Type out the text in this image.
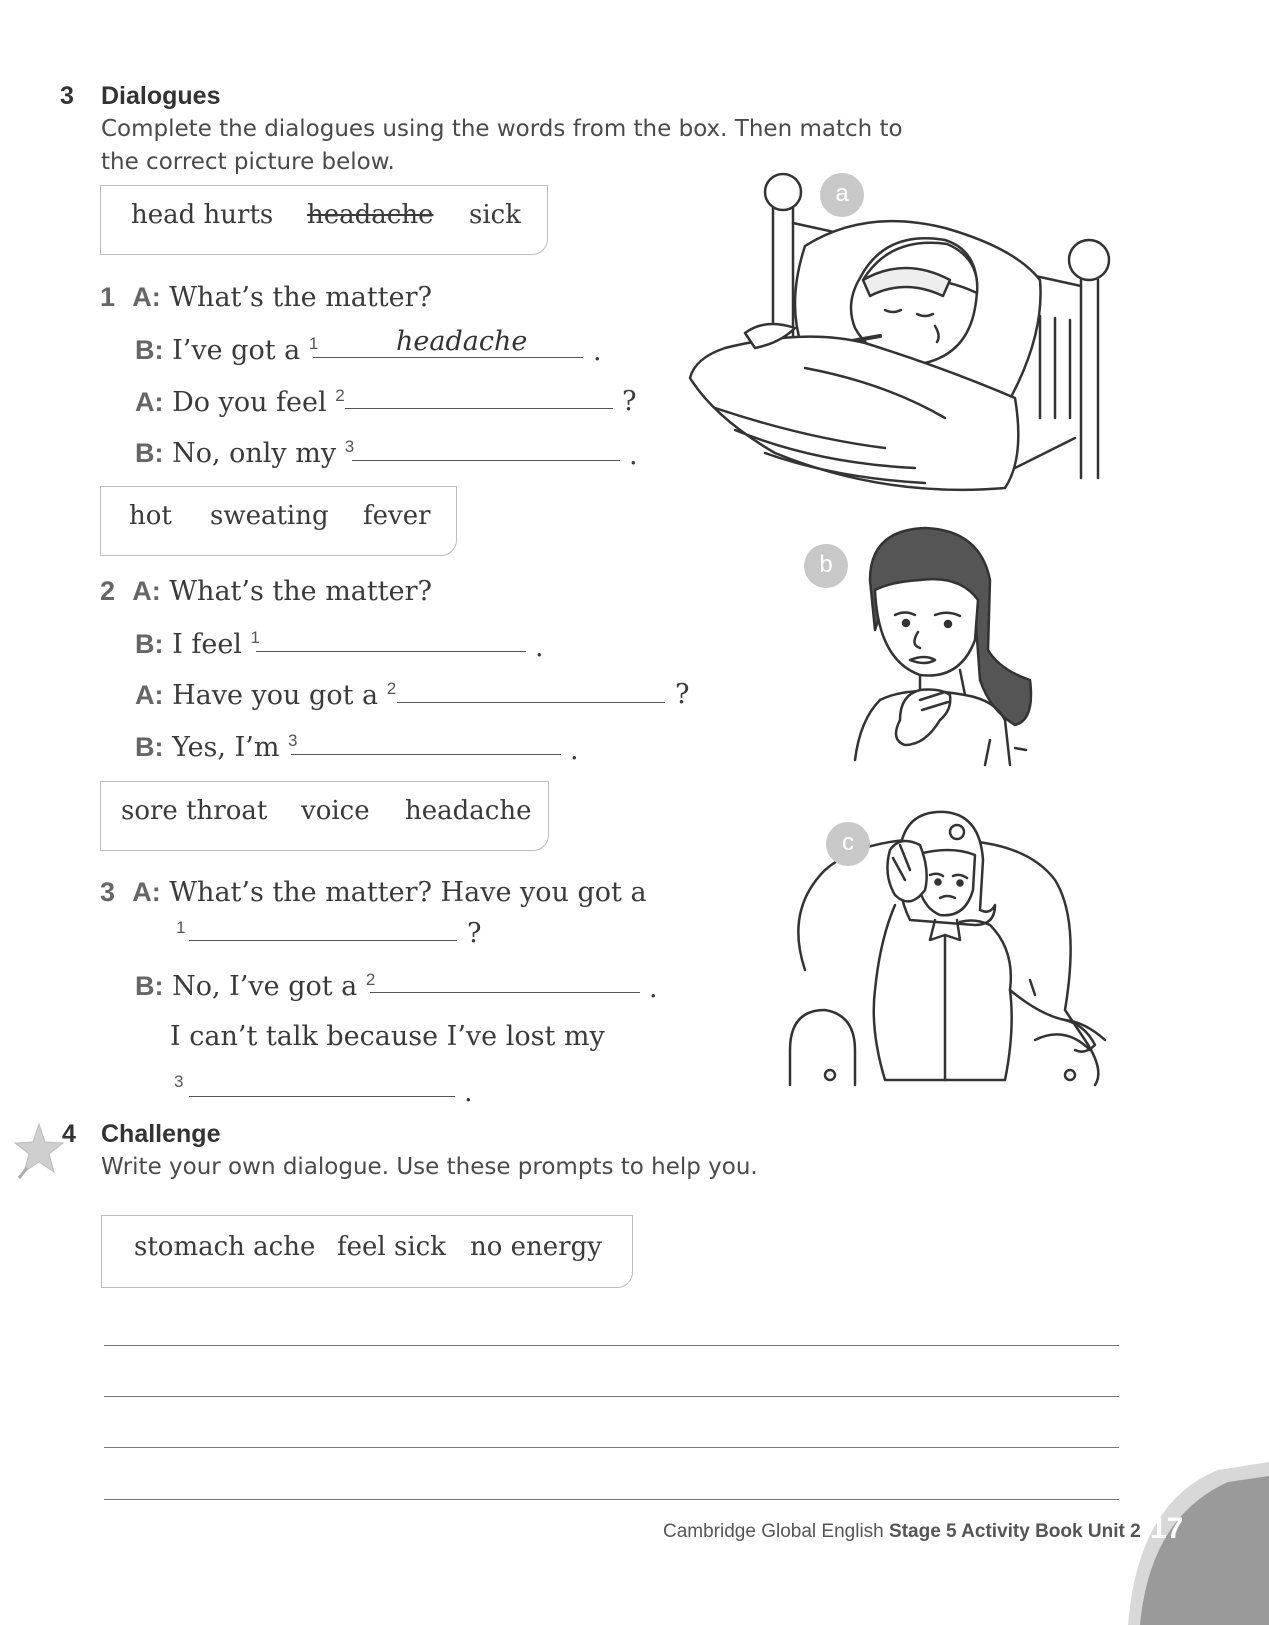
3 Dialogues
Complete the dialogues using the words from the box. Then match to
the correct picture below.
head hurts headache sick
1 A: What’s the matter?
B: I’ve got a $^1$	headache .
A: Do you feel $^2$	?
B: No, only my $^3$	.
hot sweating fever
2 A: What’s the matter?
B: I feel $^1$	.
A: Have you got a $^2$	?
B: Yes, I’m $^3$	.
sore throat voice headache
3 A: What’s the matter? Have you got a
1	?
B: No, I’ve got a $^2$	.
I can’t talk because I’ve lost my
3	.
a
b
c
4 Challenge
Write your own dialogue. Use these prompts to help you.
stomach ache feel sick no energy
Cambridge Global English Stage 5 Activity Book Unit 2 17
